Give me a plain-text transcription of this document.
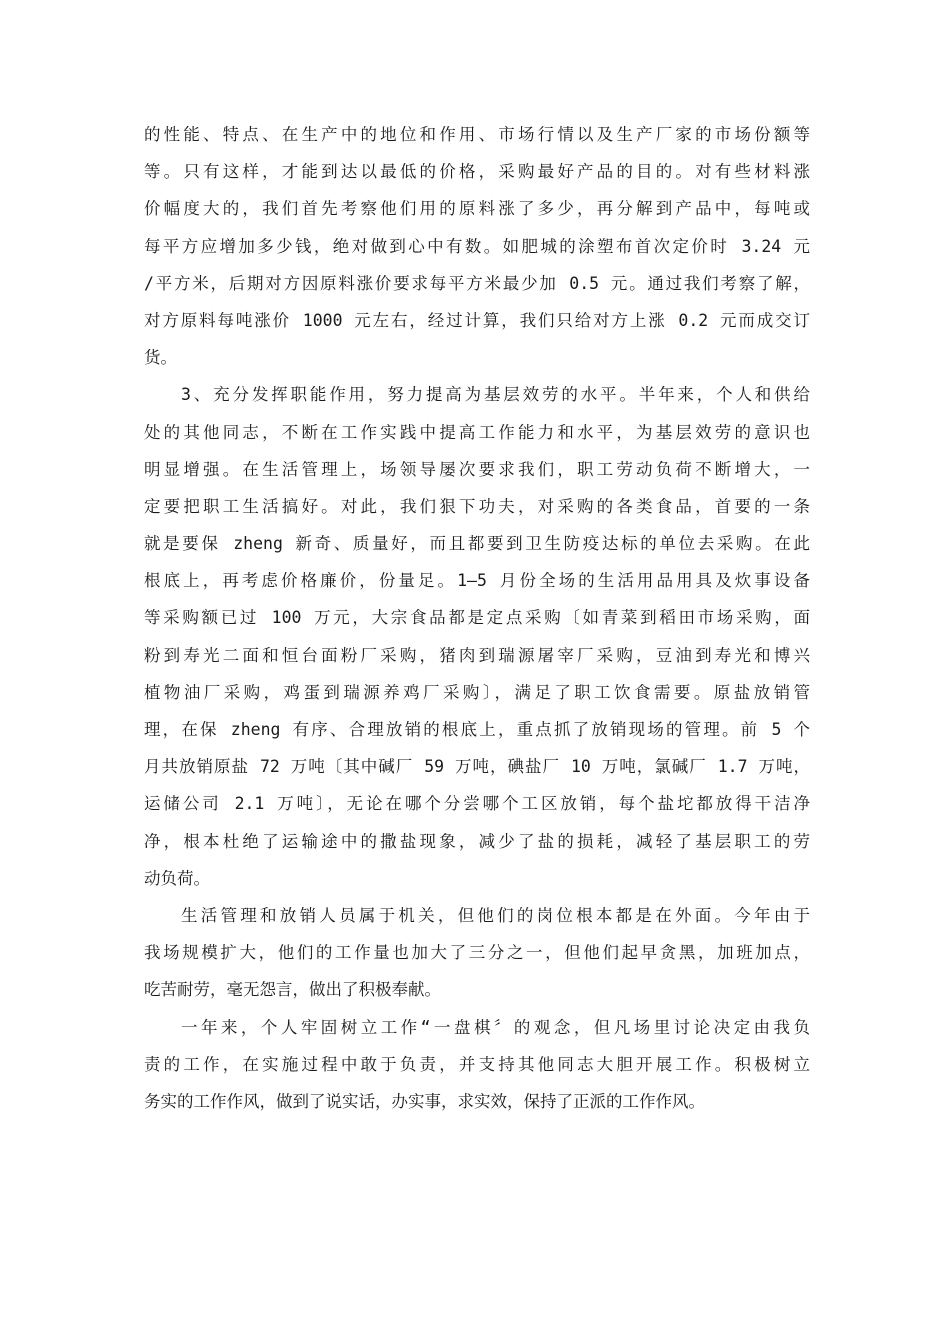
的性能、特点、在生产中的地位和作用、市场行情以及生产厂家的市场份额等
等。只有这样，才能到达以最低的价格，采购最好产品的目的。对有些材料涨
价幅度大的，我们首先考察他们用的原料涨了多少，再分解到产品中，每吨或
每平方应增加多少钱，绝对做到心中有数。如肥城的涂塑布首次定价时 3.24 元
/平方米，后期对方因原料涨价要求每平方米最少加 0.5 元。通过我们考察了解，
对方原料每吨涨价 1000 元左右，经过计算，我们只给对方上涨 0.2 元而成交订
货。
3、充分发挥职能作用，努力提高为基层效劳的水平。半年来，个人和供给
处的其他同志，不断在工作实践中提高工作能力和水平，为基层效劳的意识也
明显增强。在生活管理上，场领导屡次要求我们，职工劳动负荷不断增大，一
定要把职工生活搞好。对此，我们狠下功夫，对采购的各类食品，首要的一条
就是要保 zheng 新奇、质量好，而且都要到卫生防疫达标的单位去采购。在此
根底上，再考虑价格廉价，份量足。1—5 月份全场的生活用品用具及炊事设备
等采购额已过 100 万元，大宗食品都是定点采购〔如青菜到稻田市场采购，面
粉到寿光二面和恒台面粉厂采购，猪肉到瑞源屠宰厂采购，豆油到寿光和博兴
植物油厂采购，鸡蛋到瑞源养鸡厂采购〕，满足了职工饮食需要。原盐放销管
理，在保 zheng 有序、合理放销的根底上，重点抓了放销现场的管理。前 5 个
月共放销原盐 72 万吨〔其中碱厂 59 万吨，碘盐厂 10 万吨，氯碱厂 1.7 万吨，
运储公司 2.1 万吨〕，无论在哪个分尝哪个工区放销，每个盐坨都放得干洁净
净，根本杜绝了运输途中的撒盐现象，减少了盐的损耗，减轻了基层职工的劳
动负荷。
生活管理和放销人员属于机关，但他们的岗位根本都是在外面。今年由于
我场规模扩大，他们的工作量也加大了三分之一，但他们起早贪黑，加班加点，
吃苦耐劳，毫无怨言，做出了积极奉献。
一年来，个人牢固树立工作“一盘棋〞的观念，但凡场里讨论决定由我负
责的工作，在实施过程中敢于负责，并支持其他同志大胆开展工作。积极树立
务实的工作作风，做到了说实话，办实事，求实效，保持了正派的工作作风。
